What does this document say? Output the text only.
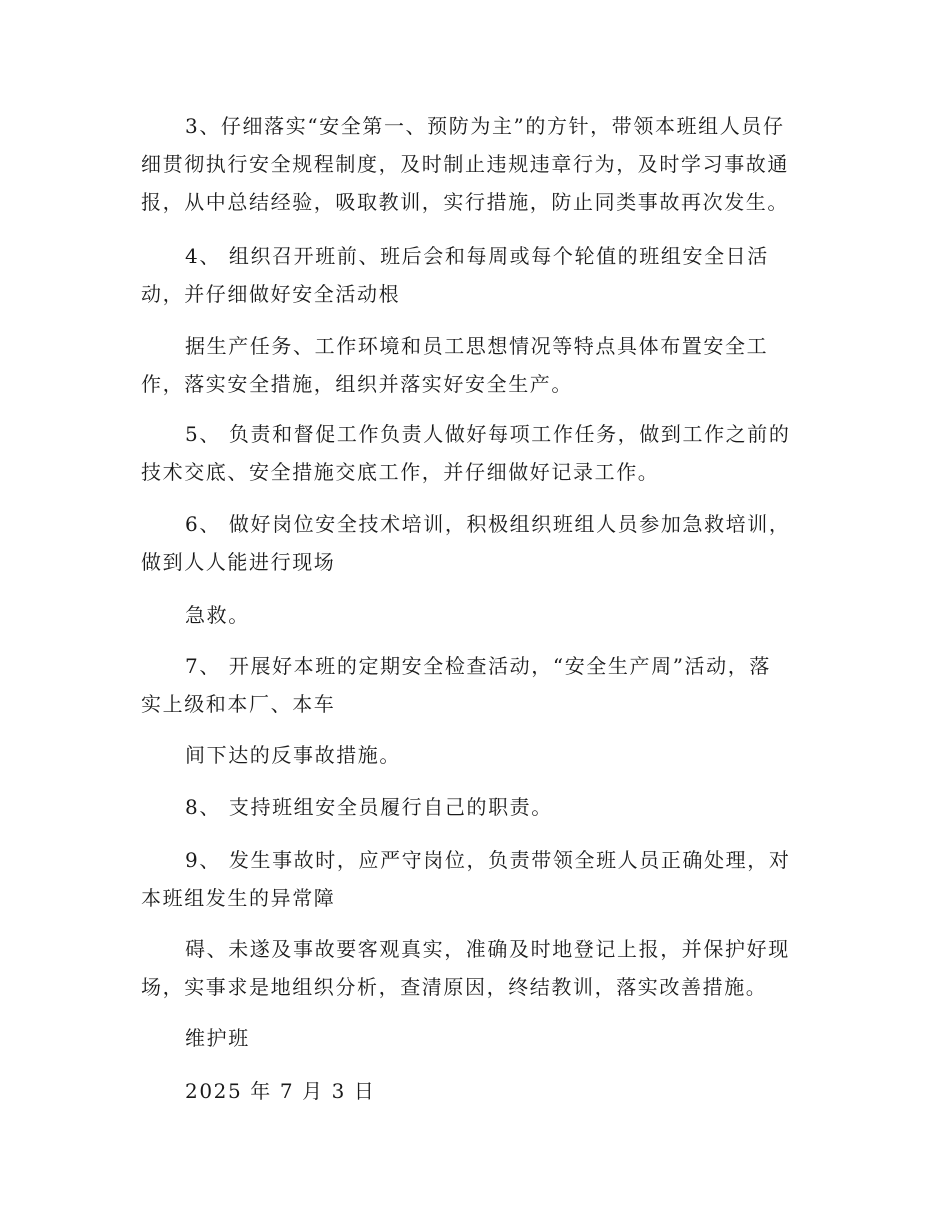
3、仔细落实“安全第一、预防为主”的方针，带领本班组人员仔
细贯彻执行安全规程制度，及时制止违规违章行为，及时学习事故通
报，从中总结经验，吸取教训，实行措施，防止同类事故再次发生。

4、 组织召开班前、班后会和每周或每个轮值的班组安全日活
动，并仔细做好安全活动根

据生产任务、工作环境和员工思想情况等特点具体布置安全工
作，落实安全措施，组织并落实好安全生产。

5、 负责和督促工作负责人做好每项工作任务，做到工作之前的
技术交底、安全措施交底工作，并仔细做好记录工作。

6、 做好岗位安全技术培训，积极组织班组人员参加急救培训，
做到人人能进行现场

急救。

7、 开展好本班的定期安全检查活动，“安全生产周”活动，落
实上级和本厂、本车

间下达的反事故措施。

8、 支持班组安全员履行自己的职责。

9、 发生事故时，应严守岗位，负责带领全班人员正确处理，对
本班组发生的异常障

碍、未遂及事故要客观真实，准确及时地登记上报，并保护好现
场，实事求是地组织分析，查清原因，终结教训，落实改善措施。

维护班

2025 年 7 月 3 日
